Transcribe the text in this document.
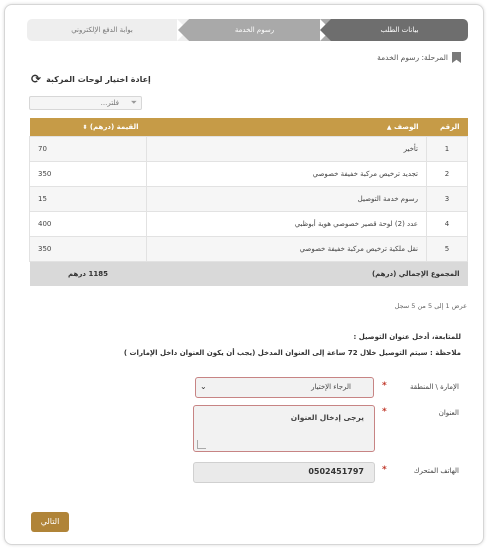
بوابة الدفع الإلكتروني	رسوم الخدمة	بيانات الطلب
المرحلة: رسوم الخدمة
إعادة اختيار لوحات المركبة
⟳
فلتر...
⏷
الرقم	الوصف ▲	القيمة (درهم) ⬍
1	تأخير	70
2	تجديد ترخيص مركبة خفيفة خصوصي	350
3	رسوم خدمة التوصيل	15
4	عدد (2) لوحة قصير خصوصي هوية أبوظبي	400
5	نقل ملكية ترخيص مركبة خفيفة خصوصي	350
المجموع الإجمالي (درهم)		1185 درهم
عرض 1 إلى 5 من 5 سجل
للمتابعة، أدخل عنوان التوصيل :
ملاحظة : سيتم التوصيل خلال 72 ساعة إلى العنوان المدخل (يجب أن يكون العنوان داخل الإمارات )
الإمارة \ المنطقة
*
الرجاء الإختيار
⌄
العنوان
*
يرجى إدخال العنوان
الهاتف المتحرك
*
0502451797
التالي
